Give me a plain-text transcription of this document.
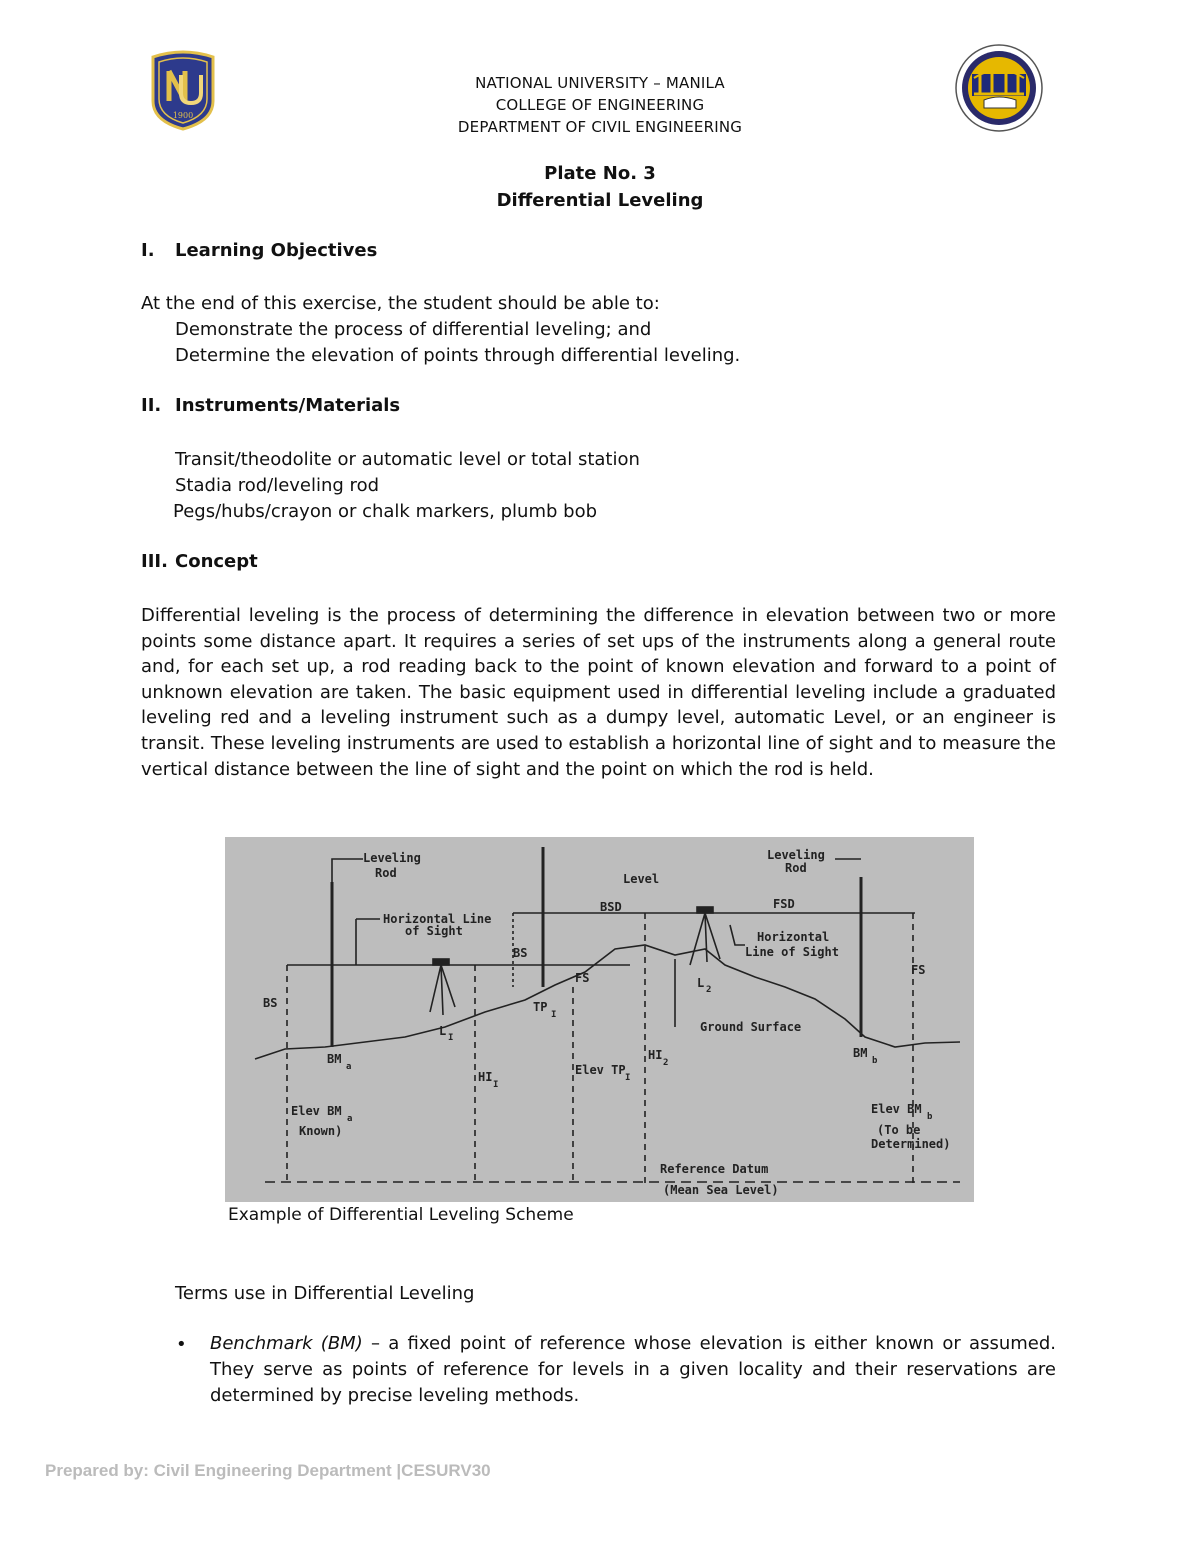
1900
NATIONAL UNIVERSITY – MANILA
COLLEGE OF ENGINEERING
DEPARTMENT OF CIVIL ENGINEERING
Plate No. 3
Differential Leveling
I. Learning Objectives
At the end of this exercise, the student should be able to:
Demonstrate the process of differential leveling; and
Determine the elevation of points through differential leveling.
II. Instruments/Materials
Transit/theodolite or automatic level or total station
Stadia rod/leveling rod
Pegs/hubs/crayon or chalk markers, plumb bob
III. Concept
Differential leveling is the process of determining the difference in elevation between two or more points some distance apart. It requires a series of set ups of the instruments along a general route and, for each set up, a rod reading back to the point of known elevation and forward to a point of unknown elevation are taken. The basic equipment used in differential leveling include a graduated leveling red and a leveling instrument such as a dumpy level, automatic Level, or an engineer is transit. These leveling instruments are used to establish a horizontal line of sight and to measure the vertical distance between the line of sight and the point on which the rod is held.
Leveling
Rod
Horizontal Line
of Sight
BS
BS
FS
TP
I
L I
Level
BSD	FSD
L 2
Horizontal
Line of Sight
Leveling
Rod
FS
Ground Surface
BM
a
BM
b
HI
I
HI
2
Elev TP
I
Elev BM
a
Known)
Elev BM
b
(To be
Determined)
Reference Datum
(Mean Sea Level)
Example of Differential Leveling Scheme
Terms use in Differential Leveling
• Benchmark (BM) – a fixed point of reference whose elevation is either known or assumed. They serve as points of reference for levels in a given locality and their reservations are determined by precise leveling methods.
Prepared by: Civil Engineering Department |CESURV30
